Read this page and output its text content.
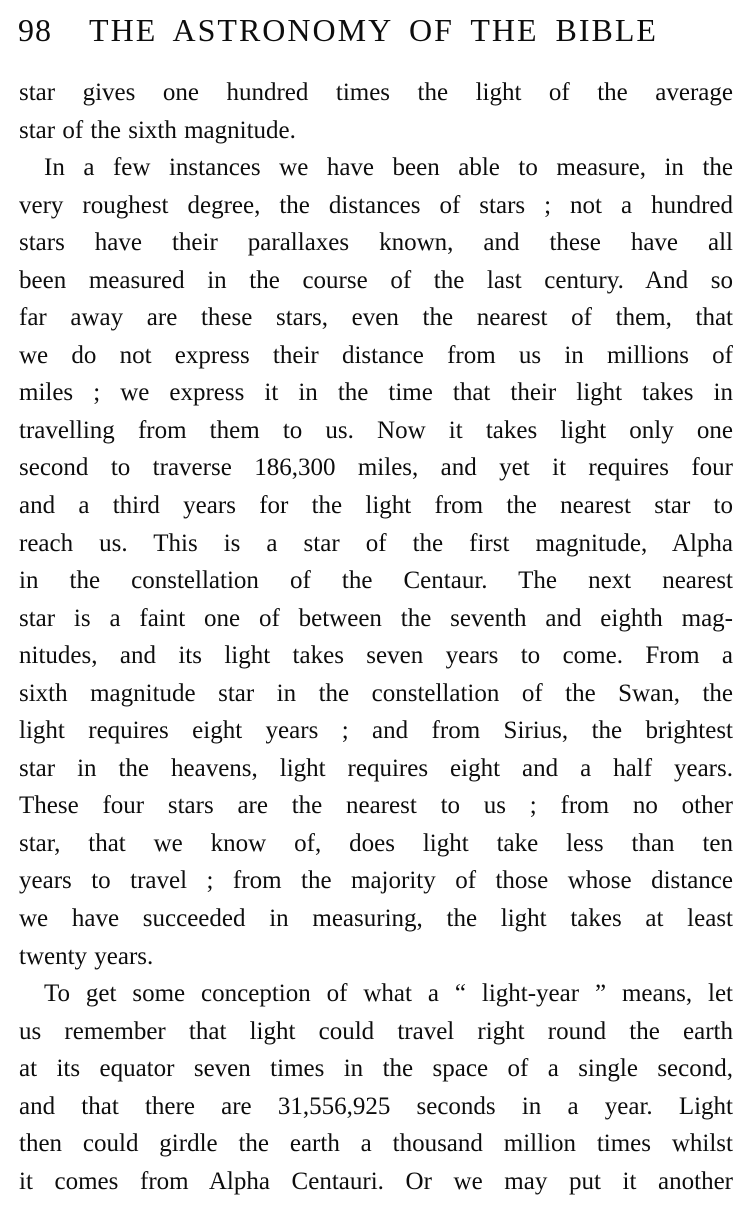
98	THE ASTRONOMY OF THE BIBLE
star gives one hundred times the light of the average
star of the sixth magnitude.
In a few instances we have been able to measure, in the
very roughest degree, the distances of stars ; not a hundred
stars have their parallaxes known, and these have all
been measured in the course of the last century. And so
far away are these stars, even the nearest of them, that
we do not express their distance from us in millions of
miles ; we express it in the time that their light takes in
travelling from them to us. Now it takes light only one
second to traverse 186,300 miles, and yet it requires four
and a third years for the light from the nearest star to
reach us. This is a star of the first magnitude, Alpha
in the constellation of the Centaur. The next nearest
star is a faint one of between the seventh and eighth mag-
nitudes, and its light takes seven years to come. From a
sixth magnitude star in the constellation of the Swan, the
light requires eight years ; and from Sirius, the brightest
star in the heavens, light requires eight and a half years.
These four stars are the nearest to us ; from no other
star, that we know of, does light take less than ten
years to travel ; from the majority of those whose distance
we have succeeded in measuring, the light takes at least
twenty years.
To get some conception of what a “ light-year ” means, let
us remember that light could travel right round the earth
at its equator seven times in the space of a single second,
and that there are 31,556,925 seconds in a year. Light
then could girdle the earth a thousand million times whilst
it comes from Alpha Centauri. Or we may put it another
